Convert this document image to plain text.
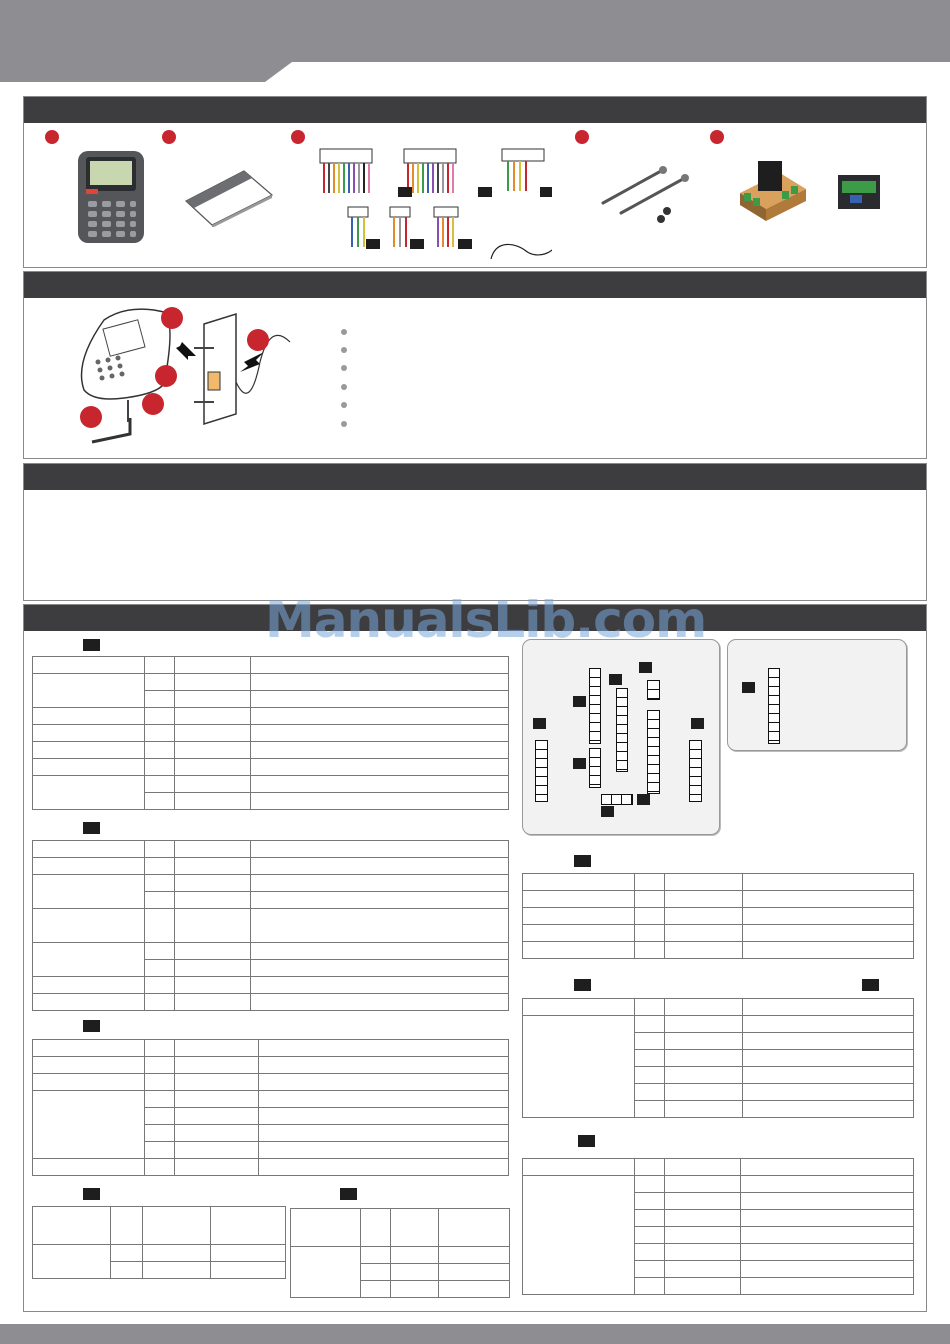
ManualsLib.com
